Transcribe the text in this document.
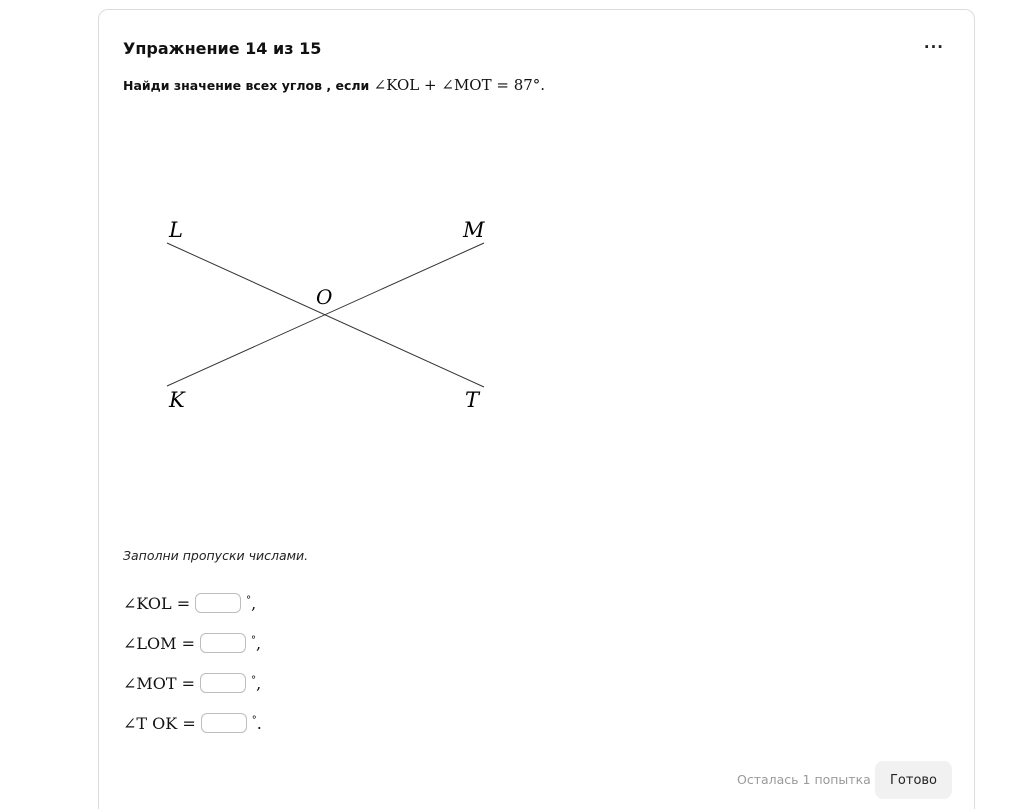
Упражнение 14 из 15	···
Найди значение всех углов , если ∠KOL + ∠MOT = 87°.
L	M
O
K	T
Заполни пропуски числами.
∠KOL =	° ,
∠LOM =	° ,
∠MOT =	° ,
∠T OK =	° .
Осталась 1 попытка	Готово
